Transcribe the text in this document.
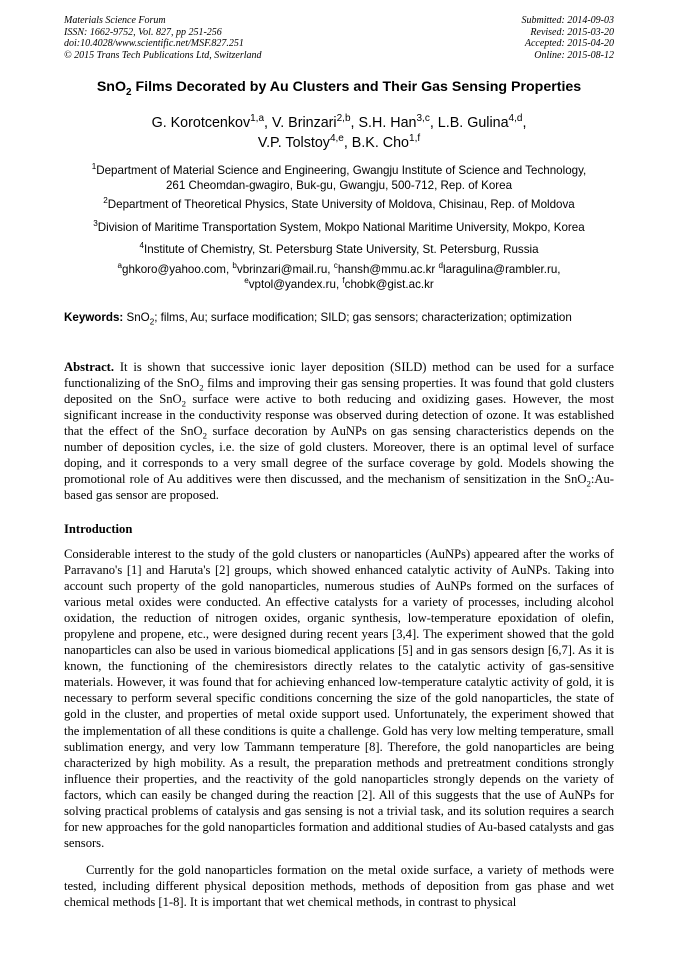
Materials Science Forum
ISSN: 1662-9752, Vol. 827, pp 251-256
doi:10.4028/www.scientific.net/MSF.827.251
© 2015 Trans Tech Publications Ltd, Switzerland
Submitted: 2014-09-03
Revised: 2015-03-20
Accepted: 2015-04-20
Online: 2015-08-12
SnO$_2$ Films Decorated by Au Clusters and Their Gas Sensing Properties
G. Korotcenkov$^{1,a}$, V. Brinzari$^{2,b}$, S.H. Han$^{3,c}$, L.B. Gulina$^{4,d}$,
V.P. Tolstoy$^{4,e}$, B.K. Cho$^{1,f}$
$^1$Department of Material Science and Engineering, Gwangju Institute of Science and Technology,
261 Cheomdan-gwagiro, Buk-gu, Gwangju, 500-712, Rep. of Korea
$^2$Department of Theoretical Physics, State University of Moldova, Chisinau, Rep. of Moldova
$^3$Division of Maritime Transportation System, Mokpo National Maritime University, Mokpo, Korea
$^4$Institute of Chemistry, St. Petersburg State University, St. Petersburg, Russia
$^a$ghkoro@yahoo.com, $^b$vbrinzari@mail.ru, $^c$hansh@mmu.ac.kr $^d$laragulina@rambler.ru,
$^e$vptol@yandex.ru, $^f$chobk@gist.ac.kr
Keywords: SnO$_2$; films, Au; surface modification; SILD; gas sensors; characterization; optimization
Abstract. It is shown that successive ionic layer deposition (SILD) method can be used for a surface functionalizing of the SnO$_2$ films and improving their gas sensing properties. It was found that gold clusters deposited on the SnO$_2$ surface were active to both reducing and oxidizing gases. However, the most significant increase in the conductivity response was observed during detection of ozone. It was established that the effect of the SnO$_2$ surface decoration by AuNPs on gas sensing characteristics depends on the number of deposition cycles, i.e. the size of gold clusters. Moreover, there is an optimal level of surface doping, and it corresponds to a very small degree of the surface coverage by gold. Models showing the promotional role of Au additives were then discussed, and the mechanism of sensitization in the SnO$_2$:Au-based gas sensor are proposed.
Introduction
Considerable interest to the study of the gold clusters or nanoparticles (AuNPs) appeared after the works of Parravano's [1] and Haruta's [2] groups, which showed enhanced catalytic activity of AuNPs. Taking into account such property of the gold nanoparticles, numerous studies of AuNPs formed on the surfaces of various metal oxides were conducted. An effective catalysts for a variety of processes, including alcohol oxidation, the reduction of nitrogen oxides, organic synthesis, low-temperature epoxidation of olefin, propylene and propene, etc., were designed during recent years [3,4]. The experiment showed that the gold nanoparticles can also be used in various biomedical applications [5] and in gas sensors design [6,7]. As it is known, the functioning of the chemiresistors directly relates to the catalytic activity of gas-sensitive materials. However, it was found that for achieving enhanced low-temperature catalytic activity of gold, it is necessary to perform several specific conditions concerning the size of the gold nanoparticles, the state of gold in the cluster, and properties of metal oxide support used. Unfortunately, the experiment showed that the implementation of all these conditions is quite a challenge. Gold has very low melting temperature, small sublimation energy, and very low Tammann temperature [8]. Therefore, the gold nanoparticles are being characterized by high mobility. As a result, the preparation methods and pretreatment conditions strongly influence their properties, and the reactivity of the gold nanoparticles strongly depends on the variety of factors, which can easily be changed during the reaction [2]. All of this suggests that the use of AuNPs for solving practical problems of catalysis and gas sensing is not a trivial task, and its solution requires a search for new approaches for the gold nanoparticles formation and additional studies of Au-based catalysts and gas sensors.
Currently for the gold nanoparticles formation on the metal oxide surface, a variety of methods were tested, including different physical deposition methods, methods of deposition from gas phase and wet chemical methods [1-8]. It is important that wet chemical methods, in contrast to physical
